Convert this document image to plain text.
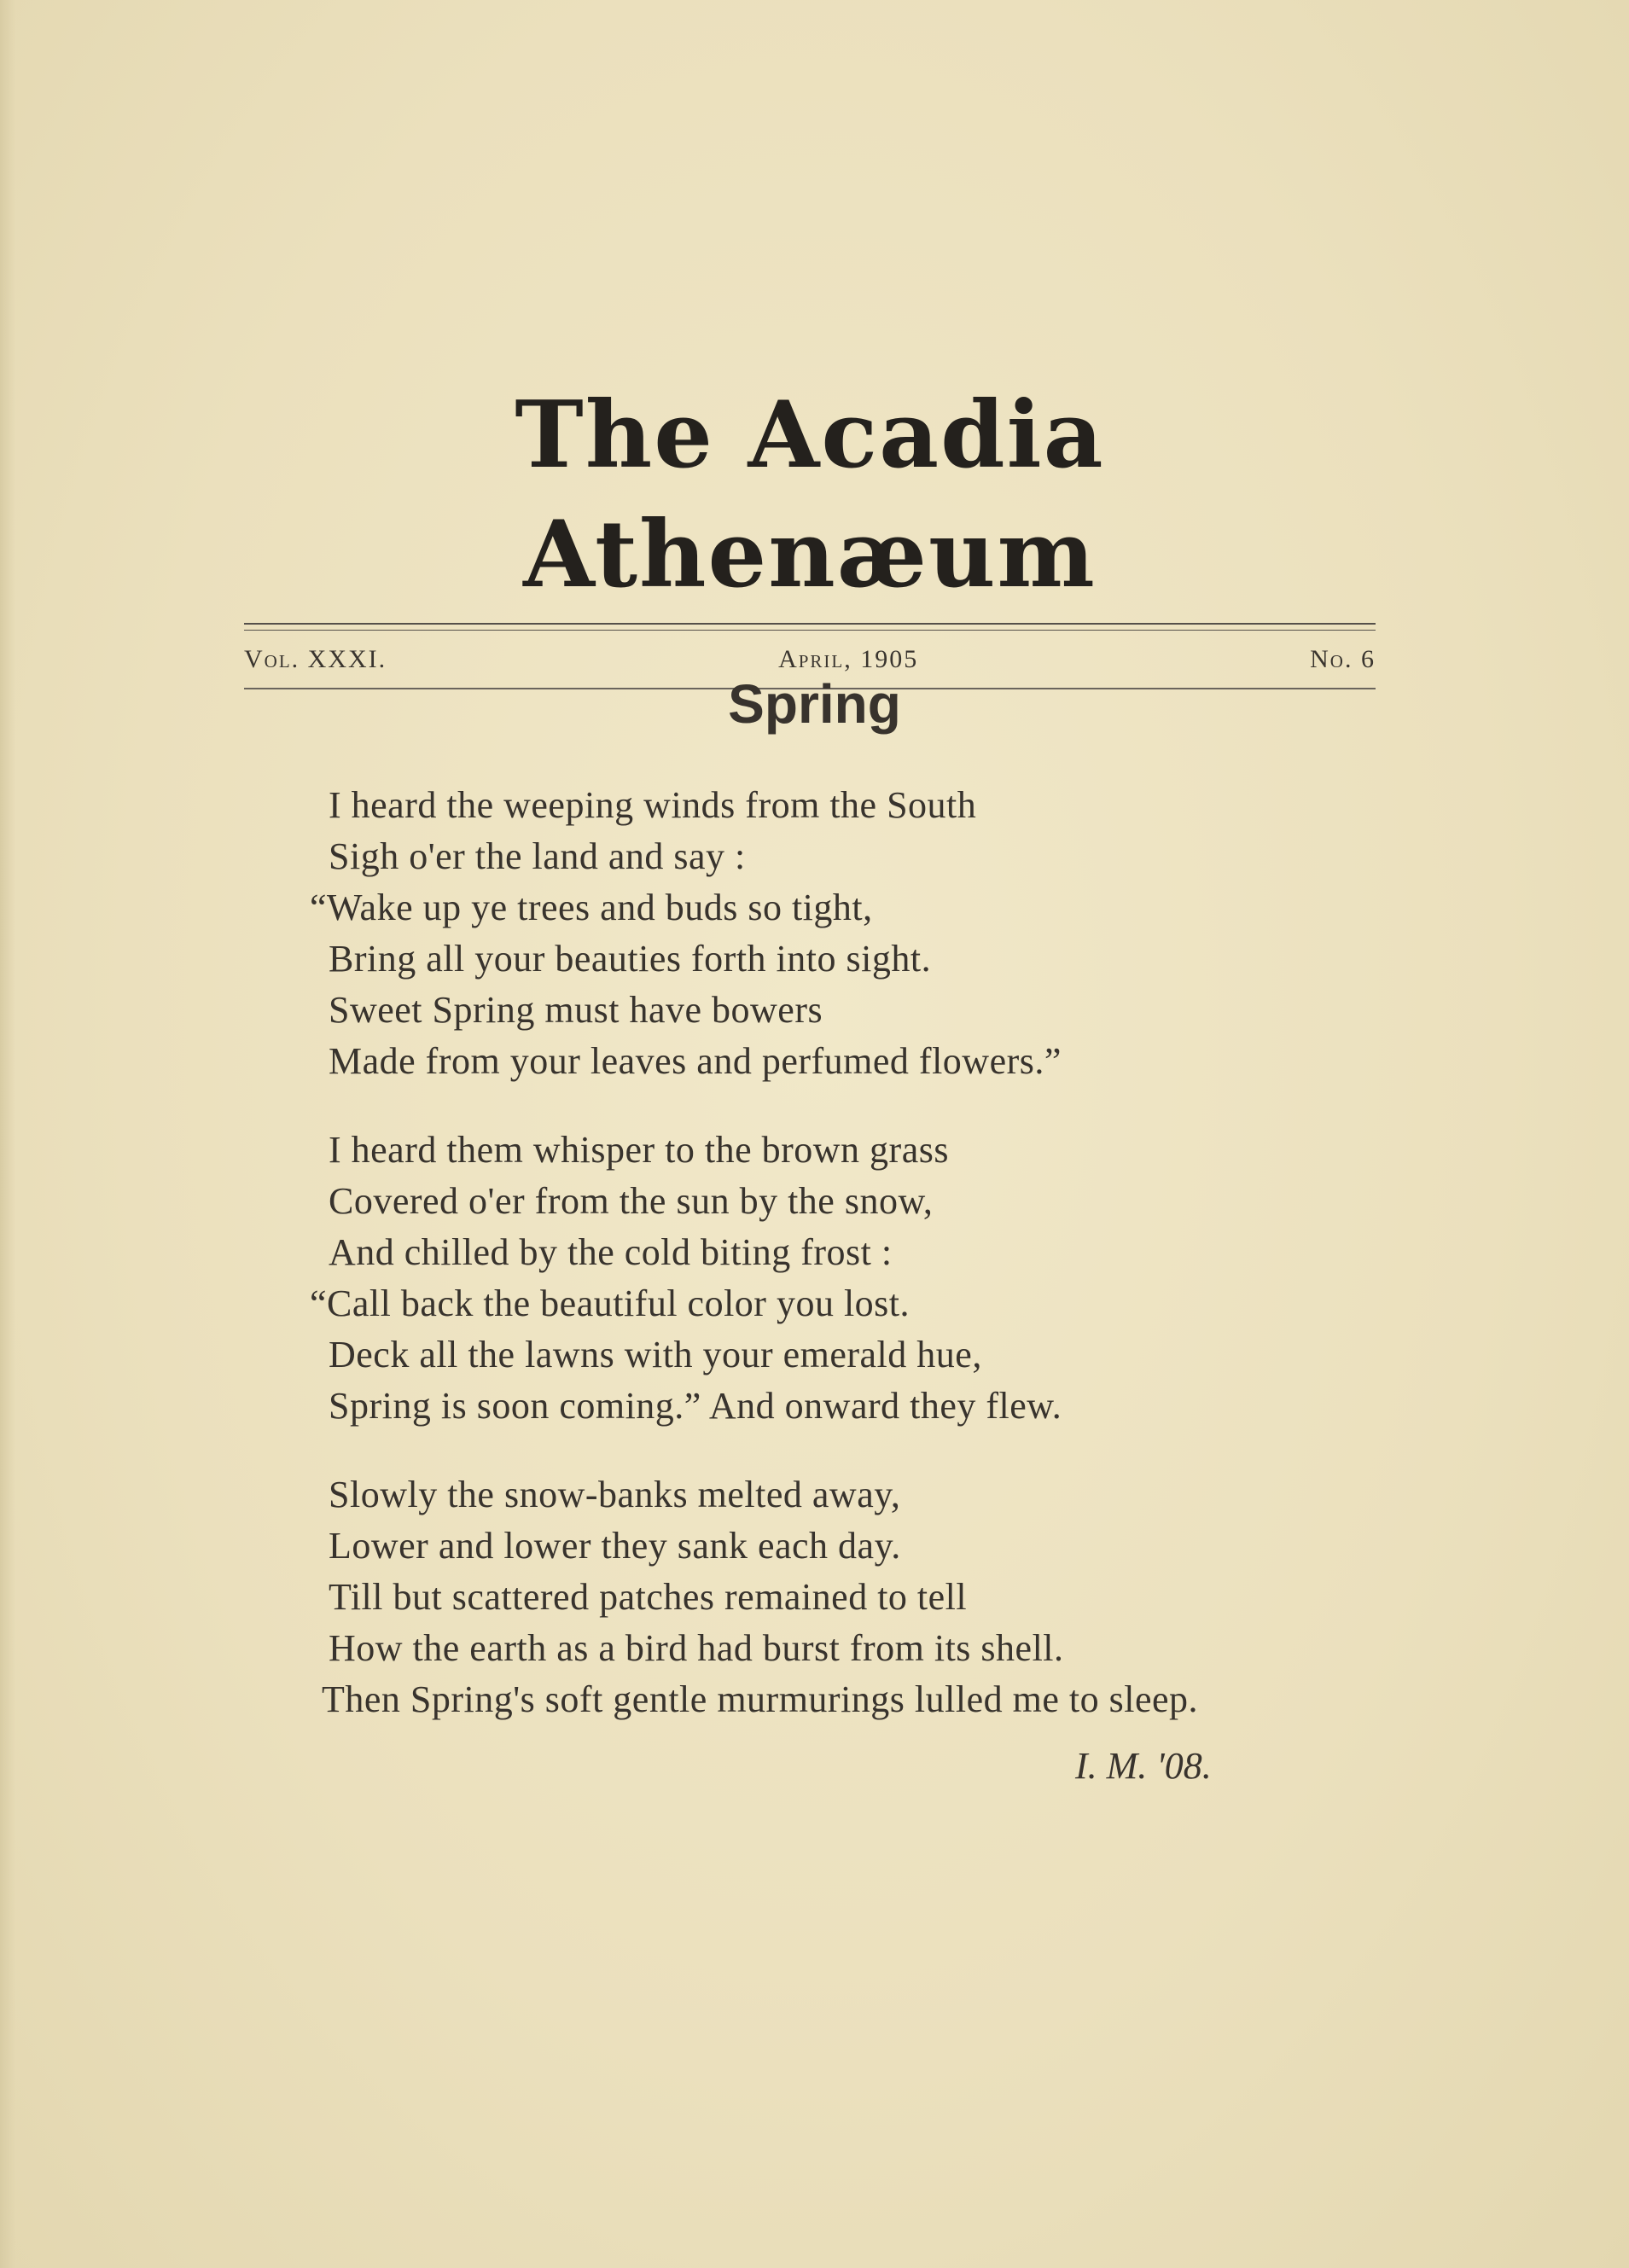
The Acadia Athenæum
Vol. XXXI.	April, 1905	No. 6
Spring
I heard the weeping winds from the South
Sigh o'er the land and say :
“Wake up ye trees and buds so tight,
Bring all your beauties forth into sight.
Sweet Spring must have bowers
Made from your leaves and perfumed flowers.”
I heard them whisper to the brown grass
Covered o'er from the sun by the snow,
And chilled by the cold biting frost :
“Call back the beautiful color you lost.
Deck all the lawns with your emerald hue,
Spring is soon coming.” And onward they flew.
Slowly the snow-banks melted away,
Lower and lower they sank each day.
Till but scattered patches remained to tell
How the earth as a bird had burst from its shell.
Then Spring's soft gentle murmurings lulled me to sleep.
I. M. '08.
